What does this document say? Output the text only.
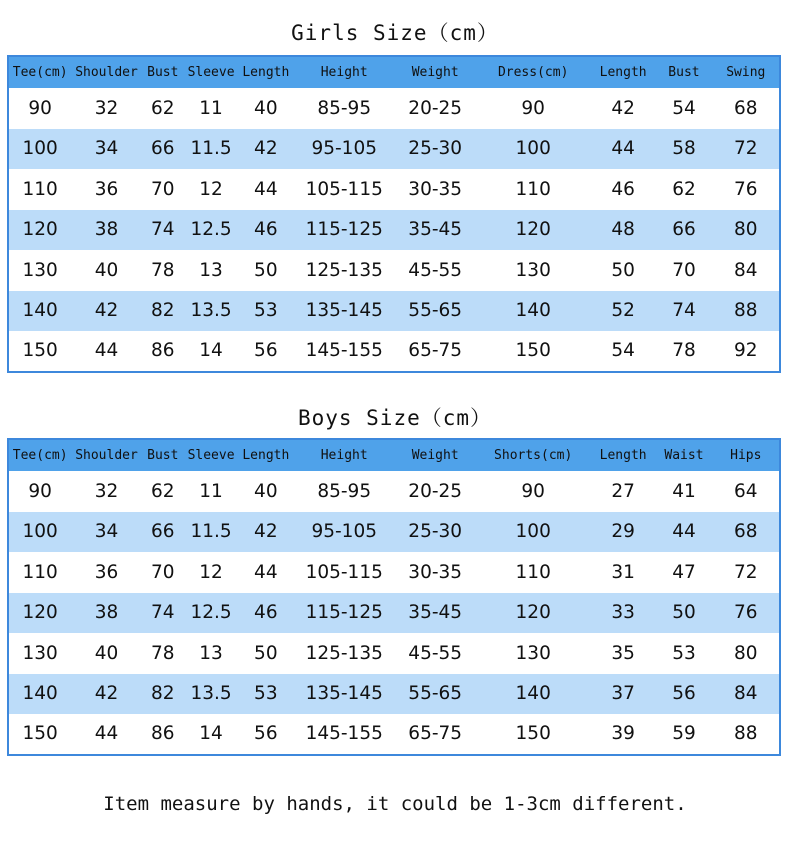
Girls Size（cm）
Tee(cm)	Shoulder	Bust	Sleeve	Length	Height	Weight	Dress(cm)	Length	Bust	Swing
90	32	62	11	40	85-95	20-25	90	42	54	68
100	34	66	11.5	42	95-105	25-30	100	44	58	72
110	36	70	12	44	105-115	30-35	110	46	62	76
120	38	74	12.5	46	115-125	35-45	120	48	66	80
130	40	78	13	50	125-135	45-55	130	50	70	84
140	42	82	13.5	53	135-145	55-65	140	52	74	88
150	44	86	14	56	145-155	65-75	150	54	78	92
Boys Size（cm）
Tee(cm)	Shoulder	Bust	Sleeve	Length	Height	Weight	Shorts(cm)	Length	Waist	Hips
90	32	62	11	40	85-95	20-25	90	27	41	64
100	34	66	11.5	42	95-105	25-30	100	29	44	68
110	36	70	12	44	105-115	30-35	110	31	47	72
120	38	74	12.5	46	115-125	35-45	120	33	50	76
130	40	78	13	50	125-135	45-55	130	35	53	80
140	42	82	13.5	53	135-145	55-65	140	37	56	84
150	44	86	14	56	145-155	65-75	150	39	59	88
Item measure by hands, it could be 1-3cm different.
